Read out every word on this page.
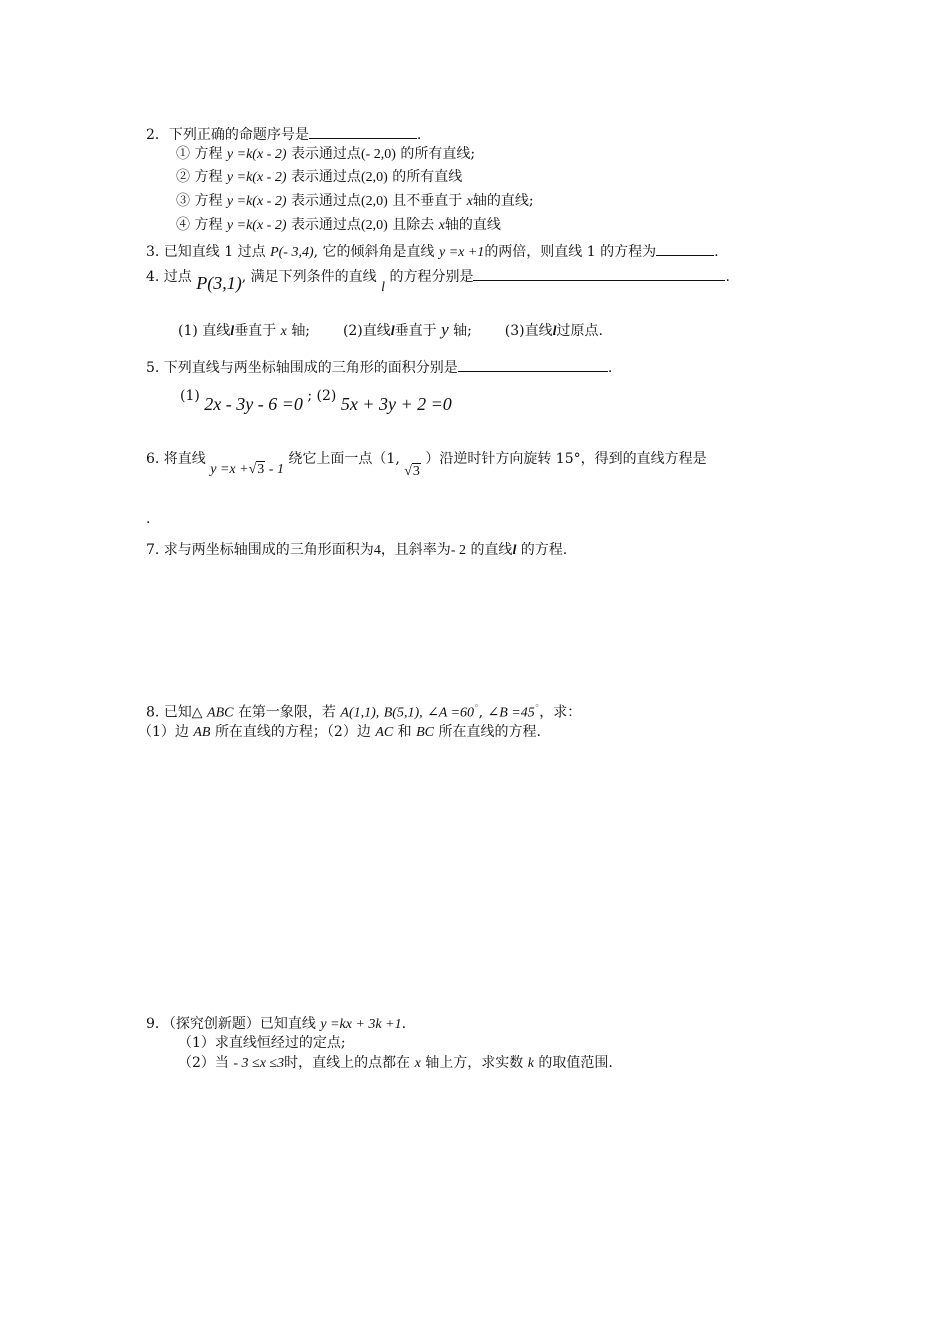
2．下列正确的命题序号是	.
① 方程 y =k(x - 2) 表示通过点(- 2,0) 的所有直线;
② 方程 y =k(x - 2) 表示通过点(2,0) 的所有直线
③ 方程 y =k(x - 2) 表示通过点(2,0) 且不垂直于 x轴的直线;
④ 方程 y =k(x - 2) 表示通过点(2,0) 且除去 x轴的直线
3. 已知直线 1 过点 P(- 3,4), 它的倾斜角是直线 y =x +1的两倍，则直线 1 的方程为	.
4. 过点 P(3,1), 满足下列条件的直线 l 的方程分别是	.
(1) 直线l垂直于 x 轴; (2)直线l垂直于 y 轴; (3)直线l过原点.
5. 下列直线与两坐标轴围成的三角形的面积分别是	.
(1) 2x - 3y - 6 =0 ; (2) 5x + 3y + 2 =0
6. 将直线 y =x +√3 - 1 绕它上面一点（1, √3 ）沿逆时针方向旋转 15°，得到的直线方程是
.
7. 求与两坐标轴围成的三角形面积为4，且斜率为- 2 的直线l 的方程.
8. 已知△ ABC 在第一象限，若 A(1,1), B(5,1), ∠A =60°, ∠B =45°，求：
（1）边 AB 所在直线的方程；（2）边 AC 和 BC 所在直线的方程.
9．（探究创新题）已知直线 y =kx + 3k +1.
（1）求直线恒经过的定点;
（2）当 - 3 ≤x ≤3时，直线上的点都在 x 轴上方，求实数 k 的取值范围.
